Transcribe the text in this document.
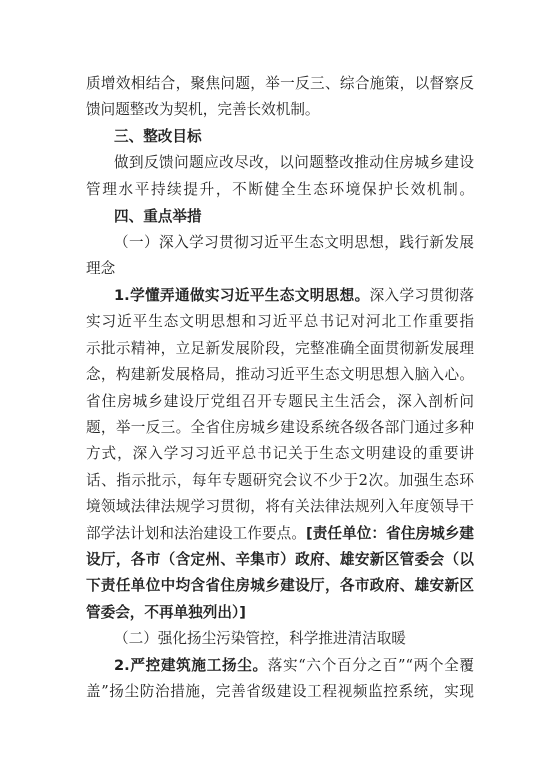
质增效相结合，聚焦问题，举一反三、综合施策，以督察反
馈问题整改为契机，完善长效机制。
三、整改目标
做到反馈问题应改尽改，以问题整改推动住房城乡建设
管理水平持续提升，不断健全生态环境保护长效机制。
四、重点举措
（一）深入学习贯彻习近平生态文明思想，践行新发展
理念
1.学懂弄通做实习近平生态文明思想。深入学习贯彻落
实习近平生态文明思想和习近平总书记对河北工作重要指
示批示精神，立足新发展阶段，完整准确全面贯彻新发展理
念，构建新发展格局，推动习近平生态文明思想入脑入心。
省住房城乡建设厅党组召开专题民主生活会，深入剖析问
题，举一反三。全省住房城乡建设系统各级各部门通过多种
方式，深入学习习近平总书记关于生态文明建设的重要讲
话、指示批示，每年专题研究会议不少于2次。加强生态环
境领域法律法规学习贯彻，将有关法律法规列入年度领导干
部学法计划和法治建设工作要点。[责任单位：省住房城乡建
设厅，各市（含定州、辛集市）政府、雄安新区管委会（以
下责任单位中均含省住房城乡建设厅，各市政府、雄安新区
管委会，不再单独列出）]
（二）强化扬尘污染管控，科学推进清洁取暖
2.严控建筑施工扬尘。落实“六个百分之百”“两个全覆
盖”扬尘防治措施，完善省级建设工程视频监控系统，实现
